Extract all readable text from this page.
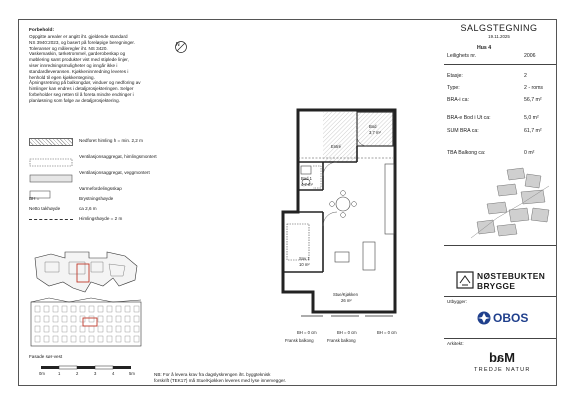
Forbehold:

Oppgitte arealer er angitt iht. gjeldende standard

NS 3940:2023, og basert på foreløpige beregninger.

Toleranser og måleregler iht. NS 3420.

Vaskemaskin, tørketrommel, garderobeskap og

møblering samt produkter vist med stiplede linjer,

viser innredningsmuligheter og inngår ikke i

standardleveransen. Kjøkkeninnredning leveres i

henhold til egen kjøkkentegning.

Åpningsretning på balkongdør, vinduer og nedforing av

himlinger kan endres i detaljprosjekteringen. Selger

forbeholder seg retten til å foreta mindre endringer i

planløsning som følge av detaljprosjektering.

N
Nedforet himling h = min. 2,2 m
Ventilasjonsaggregat, himlingsmontert
Ventilasjonsaggregat, veggmontert
Varmefordelingsskap
BH =	Brystningshøyde
Netto takhøyde	ca 2,6 m
Himlingshøyde = 2 m
Fasade sør-vest
0m	1	2	3	4	5m
Bod
3,7 m²
Entré
Bad 1
4,7 m²
Sov 1
10 m²
Stue/Kjøkken
26 m²
BH = 0 cm	BH = 0 cm	BH = 0 cm
Fransk balkong	Fransk balkong
SALGSTEGNING
19.11.2025
Hus 4
Leilighets nr.	2006
Etasje:	2
Type:	2 - roms
BRA-i ca:	56,7 m²
BRA-e Bod i Ut ca:	5,0 m²
SUM BRA ca:	61,7 m²
TBA Balkong ca:	0 m²
NØSTEBUKTEN
BRYGGE
Utbygger:
OBOS
Arkitekt:
Mad
TREDJE NATUR
NB: For å levera krav fra dagslyskrengen iht. byggteknisk
forskrift (TEK17) må Stue/Kjøkken leveres med lyse innervegger.
